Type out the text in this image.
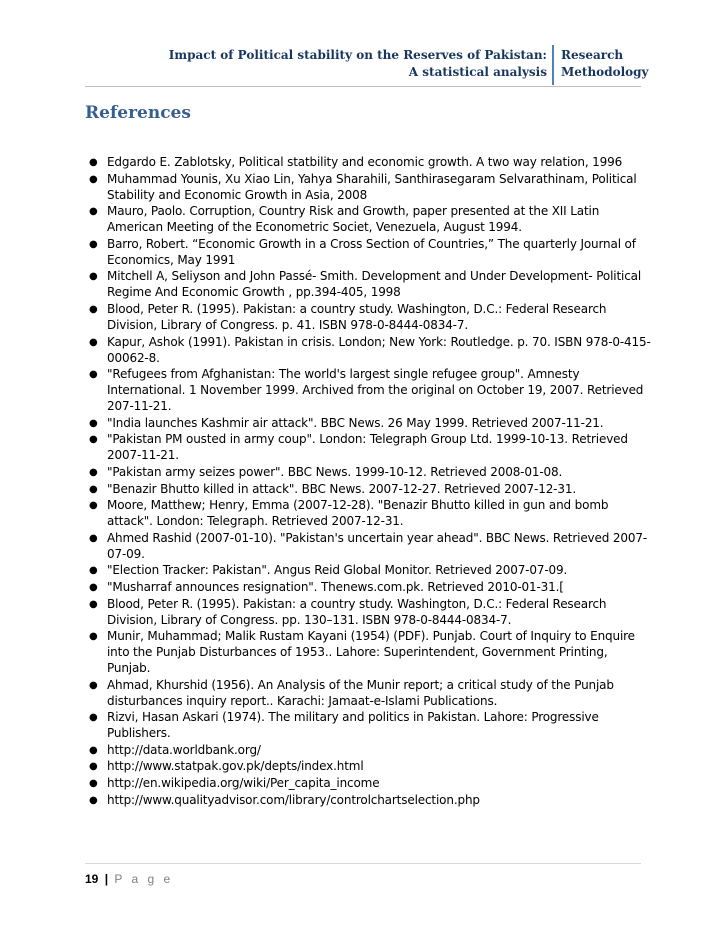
Impact of Political stability on the Reserves of Pakistan:
A statistical analysis
Research
Methodology
References
● Edgardo E. Zablotsky, Political statbility and economic growth. A two way relation, 1996
● Muhammad Younis, Xu Xiao Lin, Yahya Sharahili, Santhirasegaram Selvarathinam, Political Stability and Economic Growth in Asia, 2008
● Mauro, Paolo. Corruption, Country Risk and Growth, paper presented at the XII Latin American Meeting of the Econometric Societ, Venezuela, August 1994.
● Barro, Robert. “Economic Growth in a Cross Section of Countries,” The quarterly Journal of Economics, May 1991
● Mitchell A, Seliyson and John Passé- Smith. Development and Under Development- Political Regime And Economic Growth , pp.394-405, 1998
● Blood, Peter R. (1995). Pakistan: a country study. Washington, D.C.: Federal Research Division, Library of Congress. p. 41. ISBN 978-0-8444-0834-7.
● Kapur, Ashok (1991). Pakistan in crisis. London; New York: Routledge. p. 70. ISBN 978-0-415-00062-8.
● "Refugees from Afghanistan: The world's largest single refugee group". Amnesty International. 1 November 1999. Archived from the original on October 19, 2007. Retrieved 207-11-21.
● "India launches Kashmir air attack". BBC News. 26 May 1999. Retrieved 2007-11-21.
● "Pakistan PM ousted in army coup". London: Telegraph Group Ltd. 1999-10-13. Retrieved 2007-11-21.
● "Pakistan army seizes power". BBC News. 1999-10-12. Retrieved 2008-01-08.
● "Benazir Bhutto killed in attack". BBC News. 2007-12-27. Retrieved 2007-12-31.
● Moore, Matthew; Henry, Emma (2007-12-28). "Benazir Bhutto killed in gun and bomb attack". London: Telegraph. Retrieved 2007-12-31.
● Ahmed Rashid (2007-01-10). "Pakistan's uncertain year ahead". BBC News. Retrieved 2007-07-09.
● "Election Tracker: Pakistan". Angus Reid Global Monitor. Retrieved 2007-07-09.
● "Musharraf announces resignation". Thenews.com.pk. Retrieved 2010-01-31.[
● Blood, Peter R. (1995). Pakistan: a country study. Washington, D.C.: Federal Research Division, Library of Congress. pp. 130–131. ISBN 978-0-8444-0834-7.
● Munir, Muhammad; Malik Rustam Kayani (1954) (PDF). Punjab. Court of Inquiry to Enquire into the Punjab Disturbances of 1953.. Lahore: Superintendent, Government Printing, Punjab.
● Ahmad, Khurshid (1956). An Analysis of the Munir report; a critical study of the Punjab disturbances inquiry report.. Karachi: Jamaat-e-Islami Publications.
● Rizvi, Hasan Askari (1974). The military and politics in Pakistan. Lahore: Progressive Publishers.
● http://data.worldbank.org/
● http://www.statpak.gov.pk/depts/index.html
● http://en.wikipedia.org/wiki/Per_capita_income
● http://www.qualityadvisor.com/library/controlchartselection.php
19 | P a g e
